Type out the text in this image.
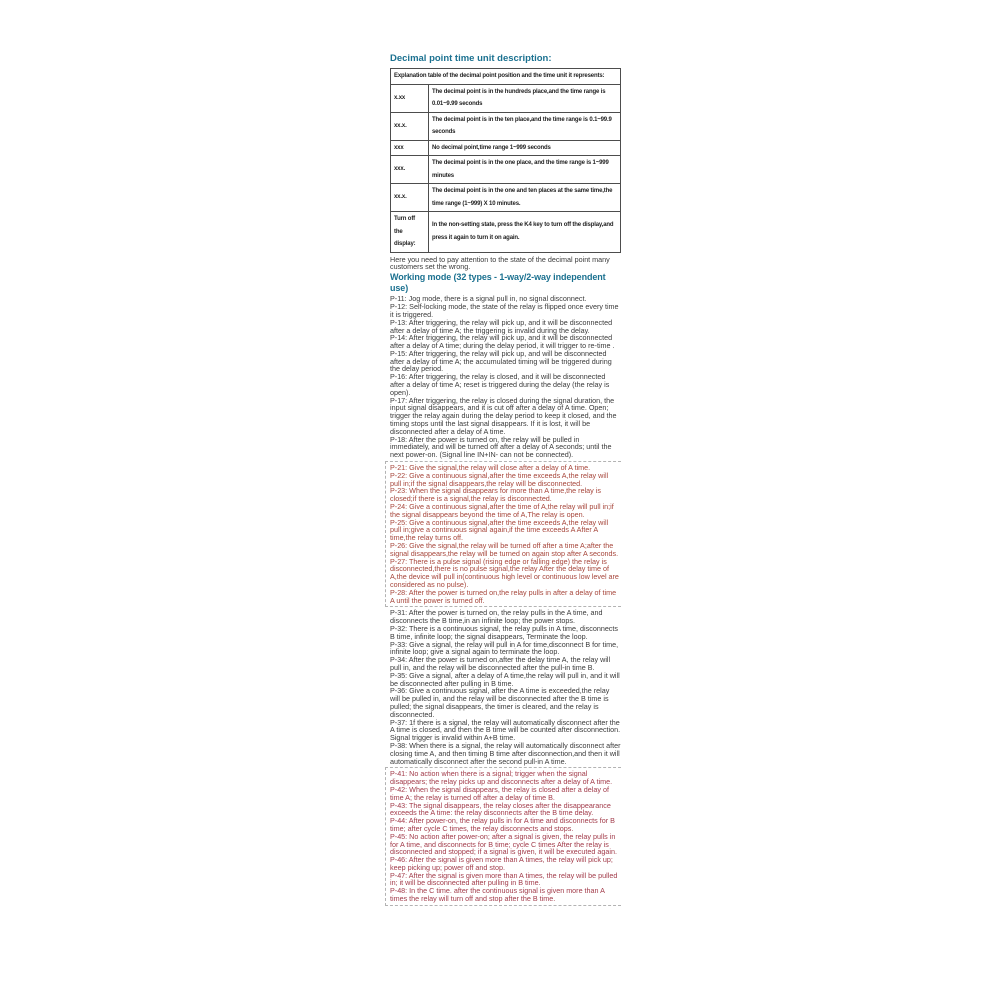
Decimal point time unit description:
Explanation table of the decimal point position and the time unit it represents:	
x.xx	The decimal point is in the hundreds place,and the time range is 0.01~9.99 seconds
xx.x.	The decimal point is in the ten place,and the time range is 0.1~99.9 seconds
xxx	No decimal point,time range 1~999 seconds
xxx.	The decimal point is in the one place, and the time range is 1~999 minutes
xx.x.	The decimal point is in the one and ten places at the same time,the time range (1~999) X 10 minutes.
Turn off the display:	In the non-setting state, press the K4 key to turn off the display,and press it again to turn it on again.

Here you need to pay attention to the state of the decimal point many customers set the wrong.

Working mode (32 types - 1-way/2-way independent use)

P-11: Jog mode, there is a signal pull in, no signal disconnect.

P-12: Self-locking mode, the state of the relay is flipped once every time it is triggered.

P-13: After triggering, the relay will pick up, and it will be disconnected after a delay of time A; the triggering is invalid during the delay.

P-14: After triggering, the relay will pick up, and it will be disconnected after a delay of A time; during the delay period, it will trigger to re-time .

P-15: After triggering, the relay will pick up, and will be disconnected after a delay of time A; the accumulated timing will be triggered during the delay period.

P-16: After triggering, the relay is closed, and it will be disconnected after a delay of time A; reset is triggered during the delay (the relay is open).

P-17: After triggering, the relay is closed during the signal duration, the input signal disappears, and it is cut off after a delay of A time. Open; trigger the relay again during the delay period to keep it closed, and the timing stops until the last signal disappears. If it is lost, it will be disconnected after a delay of A time.

P-18: After the power is turned on, the relay will be pulled in immediately, and will be turned off after a delay of A seconds; until the next power-on. (Signal line IN+IN- can not be connected).

P-21: Give the signal,the relay will close after a delay of A time.

P-22: Give a continuous signal,after the time exceeds A,the relay will pull in;if the signal disappears,the relay will be disconnected.

P-23: When the signal disappears for more than A time,the relay is closed;if there is a signal,the relay is disconnected.

P-24: Give a continuous signal,after the time of A,the relay will pull in;if the signal disappears beyond the time of A,The relay is open.

P-25: Give a continuous signal,after the time exceeds A,the relay will pull in;give a continuous signal again,if the time exceeds A After A time,the relay turns off.

P-26: Give the signal,the relay will be turned off after a time A;after the signal disappears,the relay will be turned on again stop after A seconds.

P-27: There is a pulse signal (rising edge or falling edge) the relay is disconnected,there is no pulse signal,the relay After the delay time of A,the device will pull in(continuous high level or continuous low level are considered as no pulse).

P-28: After the power is turned on,the relay pulls in after a delay of time A until the power is turned off.

P-31: After the power is turned on, the relay pulls in the A time, and disconnects the B time,in an infinite loop; the power stops.

P-32: There is a continuous signal, the relay pulls in A time, disconnects B time, infinite loop; the signal disappears, Terminate the loop.

P-33: Give a signal, the relay will pull in A for time,disconnect B for time, infinite loop; give a signal again to terminate the loop.

P-34: After the power is turned on,after the delay time A, the relay will pull in, and the relay will be disconnected after the pull-in time B.

P-35: Give a signal, after a delay of A time,the relay will pull in, and it will be disconnected after pulling in B time.

P-36: Give a continuous signal, after the A time is exceeded,the relay will be pulled in, and the relay will be disconnected after the B time is pulled; the signal disappears, the timer is cleared, and the relay is disconnected.

P-37: 1f there is a signal, the relay will automatically disconnect after the A time is closed, and then the B time will be counted after disconnection. Signal trigger is invalid within A+B time.

P-38: When there is a signal, the relay will automatically disconnect after closing time A, and then timing B time after disconnection,and then it will automatically disconnect after the second pull-in A time.

P-41: No action when there is a signal; trigger when the signal disappears; the relay picks up and disconnects after a delay of A time.

P-42: When the signal disappears, the relay is closed after a delay of time A; the relay is turned off after a delay of time B.

P-43: The signal disappears, the relay closes after the disappearance exceeds the A time: the relay disconnects after the B time delay.

P-44: After power-on, the relay pulls in for A time and disconnects for B time; after cycle C times, the relay disconnects and stops.

P-45: No action after power-on; after a signal is given, the relay pulls in for A time, and disconnects for B time; cycle C times After the relay is disconnected and stopped; if a signal is given, it will be executed again.

P-46: After the signal is given more than A times, the relay will pick up; keep picking up; power off and stop.

P-47: After the signal is given more than A times, the relay will be pulled in; it will be disconnected after pulling in B time.

P-48: In the C time. after the continuous signal is given more than A times the relay will turn off and stop after the B time.
